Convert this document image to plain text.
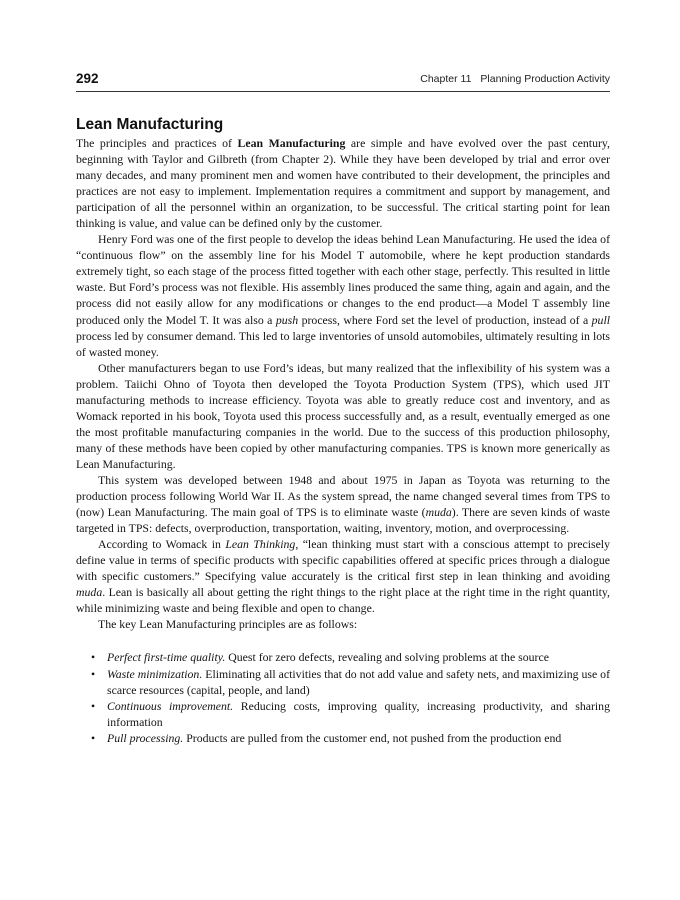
292	Chapter 11 Planning Production Activity
Lean Manufacturing

The principles and practices of Lean Manufacturing are simple and have evolved over the past century, beginning with Taylor and Gilbreth (from Chapter 2). While they have been developed by trial and error over many decades, and many prominent men and women have contributed to their development, the principles and practices are not easy to implement. Implementation requires a commitment and support by management, and participation of all the personnel within an organization, to be successful. The critical starting point for lean thinking is value, and value can be defined only by the customer.

Henry Ford was one of the first people to develop the ideas behind Lean Manufacturing. He used the idea of “continuous flow” on the assembly line for his Model T automobile, where he kept production standards extremely tight, so each stage of the process fitted together with each other stage, perfectly. This resulted in little waste. But Ford’s process was not flexible. His assembly lines produced the same thing, again and again, and the process did not easily allow for any modifications or changes to the end product—a Model T assembly line produced only the Model T. It was also a push process, where Ford set the level of production, instead of a pull process led by consumer demand. This led to large inventories of unsold automobiles, ultimately resulting in lots of wasted money.

Other manufacturers began to use Ford’s ideas, but many realized that the inflexibility of his system was a problem. Taiichi Ohno of Toyota then developed the Toyota Production System (TPS), which used JIT manufacturing methods to increase efficiency. Toyota was able to greatly reduce cost and inventory, and as Womack reported in his book, Toyota used this process successfully and, as a result, eventually emerged as one the most profitable manufacturing companies in the world. Due to the success of this production philosophy, many of these methods have been copied by other manufacturing companies. TPS is known more generically as Lean Manufacturing.

This system was developed between 1948 and about 1975 in Japan as Toyota was returning to the production process following World War II. As the system spread, the name changed several times from TPS to (now) Lean Manufacturing. The main goal of TPS is to eliminate waste (muda). There are seven kinds of waste targeted in TPS: defects, overproduction, transportation, waiting, inventory, motion, and overprocessing.

According to Womack in Lean Thinking, “lean thinking must start with a conscious attempt to precisely define value in terms of specific products with specific capabilities offered at specific prices through a dialogue with specific customers.” Specifying value accurately is the critical first step in lean thinking and avoiding muda. Lean is basically all about getting the right things to the right place at the right time in the right quantity, while minimizing waste and being flexible and open to change.

The key Lean Manufacturing principles are as follows:

• Perfect first-time quality. Quest for zero defects, revealing and solving problems at the source
• Waste minimization. Eliminating all activities that do not add value and safety nets, and maximizing use of scarce resources (capital, people, and land)
• Continuous improvement. Reducing costs, improving quality, increasing productivity, and sharing information
• Pull processing. Products are pulled from the customer end, not pushed from the production end
